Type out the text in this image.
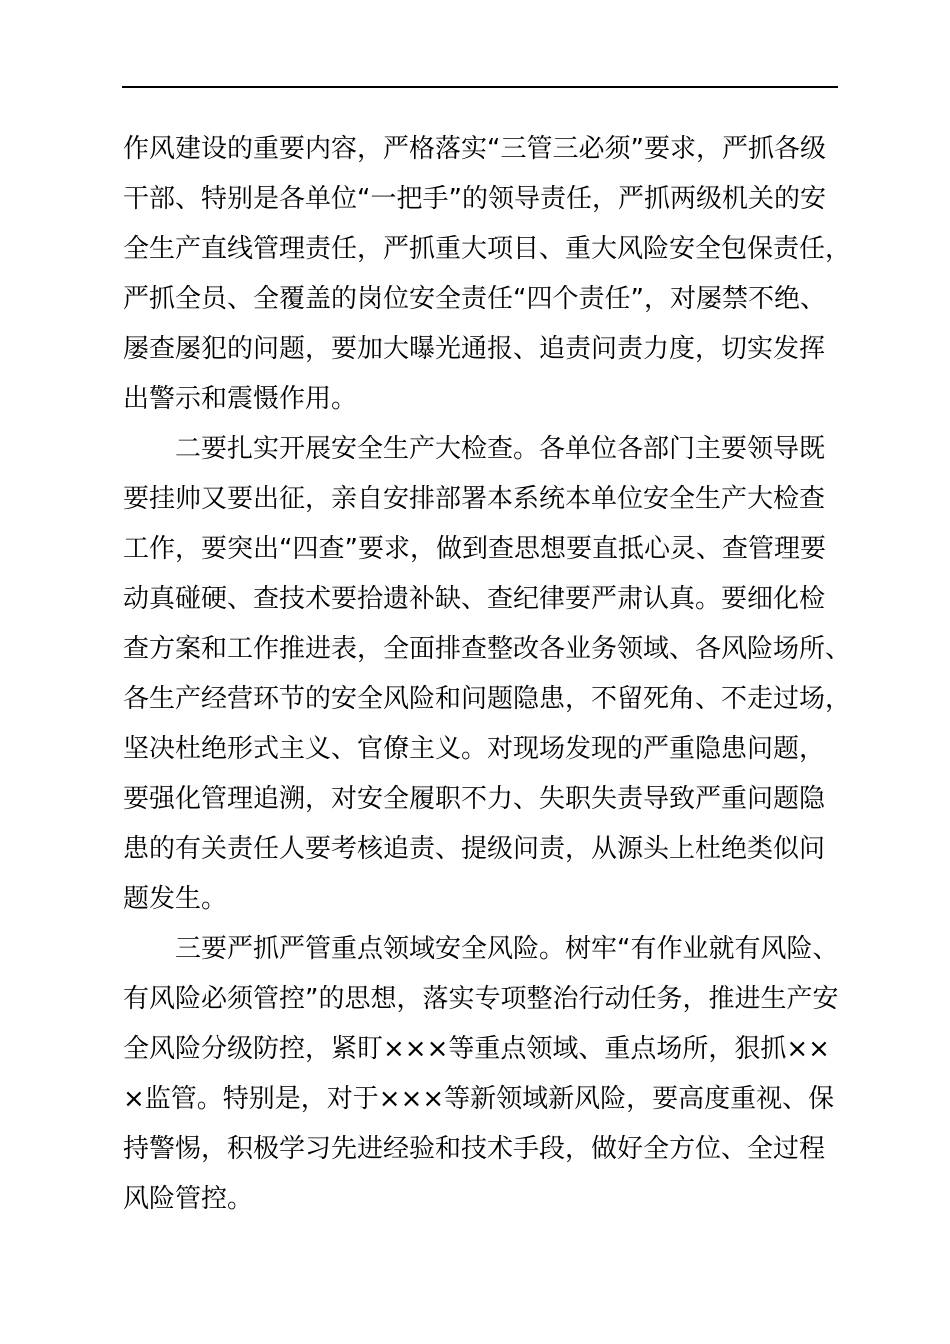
作风建设的重要内容，严格落实“三管三必须”要求，严抓各级
干部、特别是各单位“一把手”的领导责任，严抓两级机关的安
全生产直线管理责任，严抓重大项目、重大风险安全包保责任，
严抓全员、全覆盖的岗位安全责任“四个责任”，对屡禁不绝、
屡查屡犯的问题，要加大曝光通报、追责问责力度，切实发挥
出警示和震慑作用。
二要扎实开展安全生产大检查。各单位各部门主要领导既
要挂帅又要出征，亲自安排部署本系统本单位安全生产大检查
工作，要突出“四查”要求，做到查思想要直抵心灵、查管理要
动真碰硬、查技术要拾遗补缺、查纪律要严肃认真。要细化检
查方案和工作推进表，全面排查整改各业务领域、各风险场所、
各生产经营环节的安全风险和问题隐患，不留死角、不走过场，
坚决杜绝形式主义、官僚主义。对现场发现的严重隐患问题，
要强化管理追溯，对安全履职不力、失职失责导致严重问题隐
患的有关责任人要考核追责、提级问责，从源头上杜绝类似问
题发生。
三要严抓严管重点领域安全风险。树牢“有作业就有风险、
有风险必须管控”的思想，落实专项整治行动任务，推进生产安
全风险分级防控，紧盯×××等重点领域、重点场所，狠抓××
×监管。特别是，对于×××等新领域新风险，要高度重视、保
持警惕，积极学习先进经验和技术手段，做好全方位、全过程
风险管控。
